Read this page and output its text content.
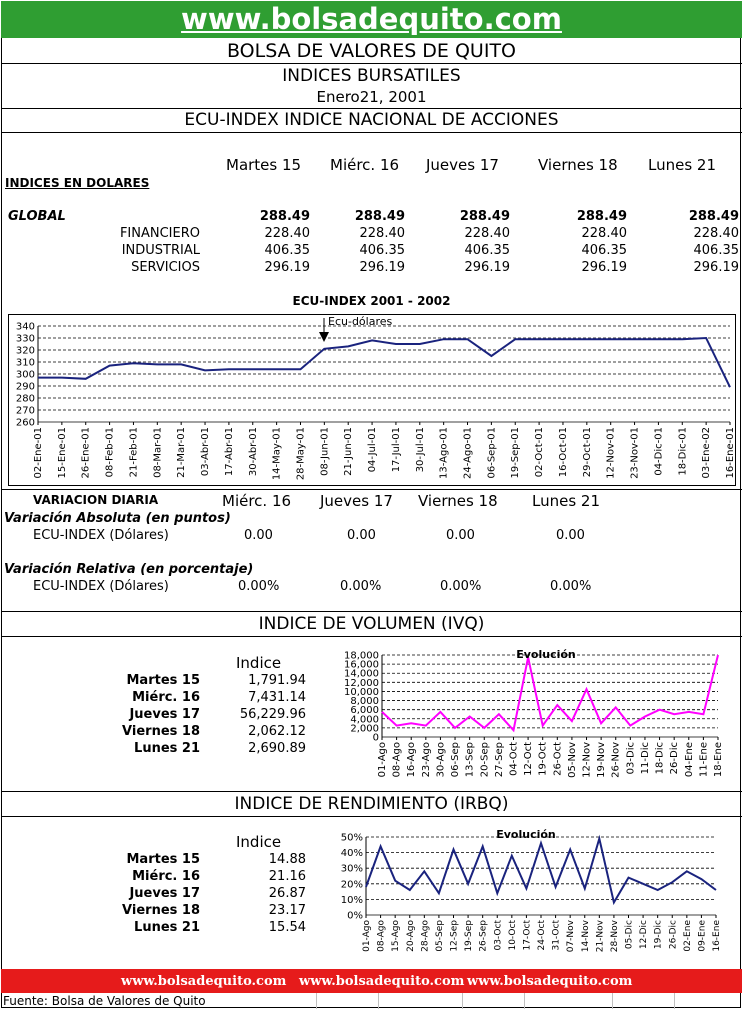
www.bolsadequito.com
BOLSA DE VALORES DE QUITO
INDICES BURSATILES
Enero21, 2001
ECU-INDEX INDICE NACIONAL DE ACCIONES
Martes 15 Miérc. 16 Jueves 17	Viernes 18 Lunes 21
INDICES EN DOLARES
GLOBAL	288.49	288.49	288.49	288.49	288.49
FINANCIERO	228.40	228.40	228.40	228.40	228.40
INDUSTRIAL	406.35	406.35	406.35	406.35	406.35
SERVICIOS	296.19	296.19	296.19	296.19	296.19
ECU-INDEX 2001 - 2002
340
330
320
310
300
290
280
270
260
02-Ene-01 15-Ene-01 26-Ene-01 08-Feb-01 21-Feb-01 08-Mar-01 21-Mar-01 03-Abr-01 17-Abr-01 30-Abr-01 14-May-01 28-May-01 08-Jun-01 21-Jun-01 04-Jul-01 17-Jul-01 30-Jul-01 13-Ago-01 24-Ago-01 06-Sep-01 19-Sep-01 02-Oct-01 16-Oct-01 29-Oct-01 12-Nov-01 23-Nov-01 04-Dic-01 18-Dic-01 03-Ene-02 16-Ene-01
Ecu-dólares
VARIACION DIARIA	Miérc. 16 Jueves 17 Viernes 18 Lunes 21
Variación Absoluta (en puntos)
ECU-INDEX (Dólares)	0.00	0.00	0.00	0.00
Variación Relativa (en porcentaje)
ECU-INDEX (Dólares)	0.00%	0.00%	0.00%	0.00%
INDICE DE VOLUMEN (IVQ)
Indice
Martes 15	1,791.94
Miérc. 16	7,431.14
Jueves 17	56,229.96
Viernes 18	2,062.12
Lunes 21	2,690.89
18,000
16,000
14,000
12,000
10,000
8,000
6,000
4,000
2,000
0
01-Ago 08-Ago 16-Ago 23-Ago 30-Ago 06-Sep 13-Sep 20-Sep 27-Sep 04-Oct 12-Oct 19-Oct 26-Oct 05-Nov 12-Nov 19-Nov 26-Nov 03-Dic 11-Dic 18-Dic 26-Dic 04-Ene 11-Ene 18-Ene
Evolución
INDICE DE RENDIMIENTO (IRBQ)
Indice
Martes 15	14.88
Miérc. 16	21.16
Jueves 17	26.87
Viernes 18	23.17
Lunes 21	15.54
50%
40%
30%
20%
10%
0%
01-Ago 08-Ago 15-Ago 20-Ago 28-Ago 05-Sep 12-Sep 19-Sep 26-Sep 03-Oct 10-Oct 17-Oct 24-Oct 31-Oct 07-Nov 14-Nov 21-Nov 28-Nov 05-Dic 12-Dic 19-Dic 26-Dic 02-Ene 09-Ene 16-Ene
Evolución
www.bolsadequito.com www.bolsadequito.com www.bolsadequito.com
Fuente: Bolsa de Valores de Quito
